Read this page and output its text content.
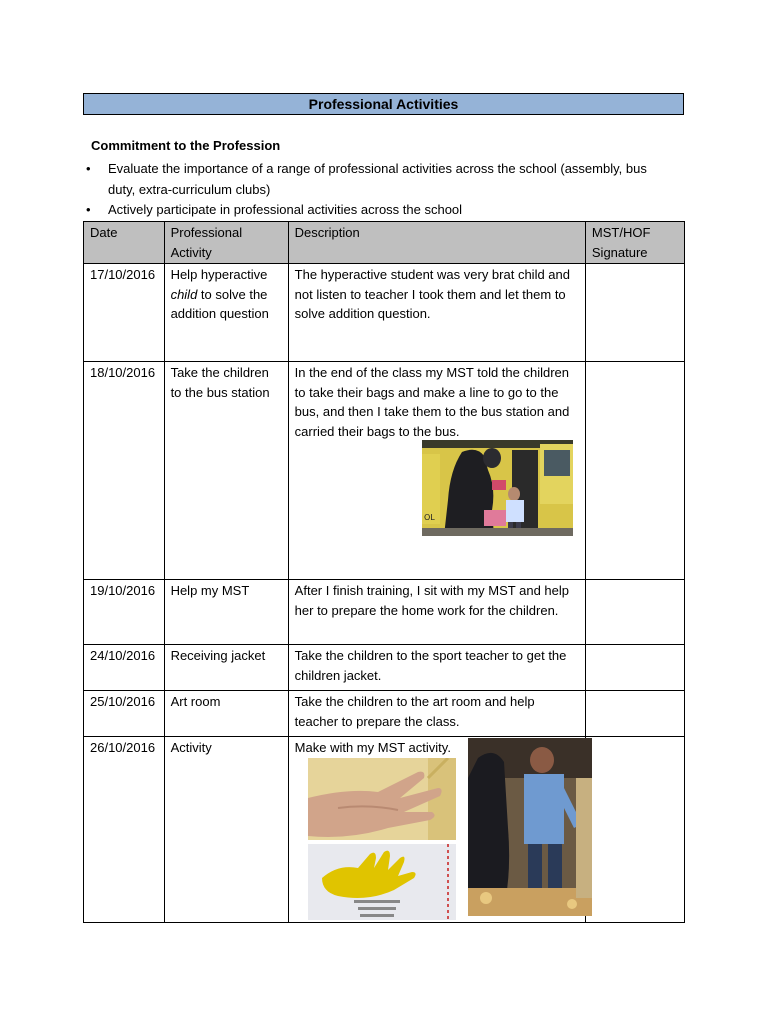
Professional Activities
Commitment to the Profession
• Evaluate the importance of a range of professional activities across the school (assembly, bus duty, extra-curriculum clubs)
• Actively participate in professional activities across the school
Date	Professional Activity	Description	MST/HOF Signature
17/10/2016	Help hyperactive child to solve the addition question	The hyperactive student was very brat child and not listen to teacher I took them and let them to solve addition question.	
18/10/2016	Take the children to the bus station	In the end of the class my MST told the children to take their bags and make a line to go to the bus, and then I take them to the bus station and carried their bags to the bus.
OL	

19/10/2016	Help my MST	After I finish training, I sit with my MST and help her to prepare the home work for the children.	
24/10/2016	Receiving jacket	Take the children to the sport teacher to get the children jacket.	
25/10/2016	Art room	Take the children to the art room and help teacher to prepare the class.	
26/10/2016	Activity	Make with my MST activity.	
